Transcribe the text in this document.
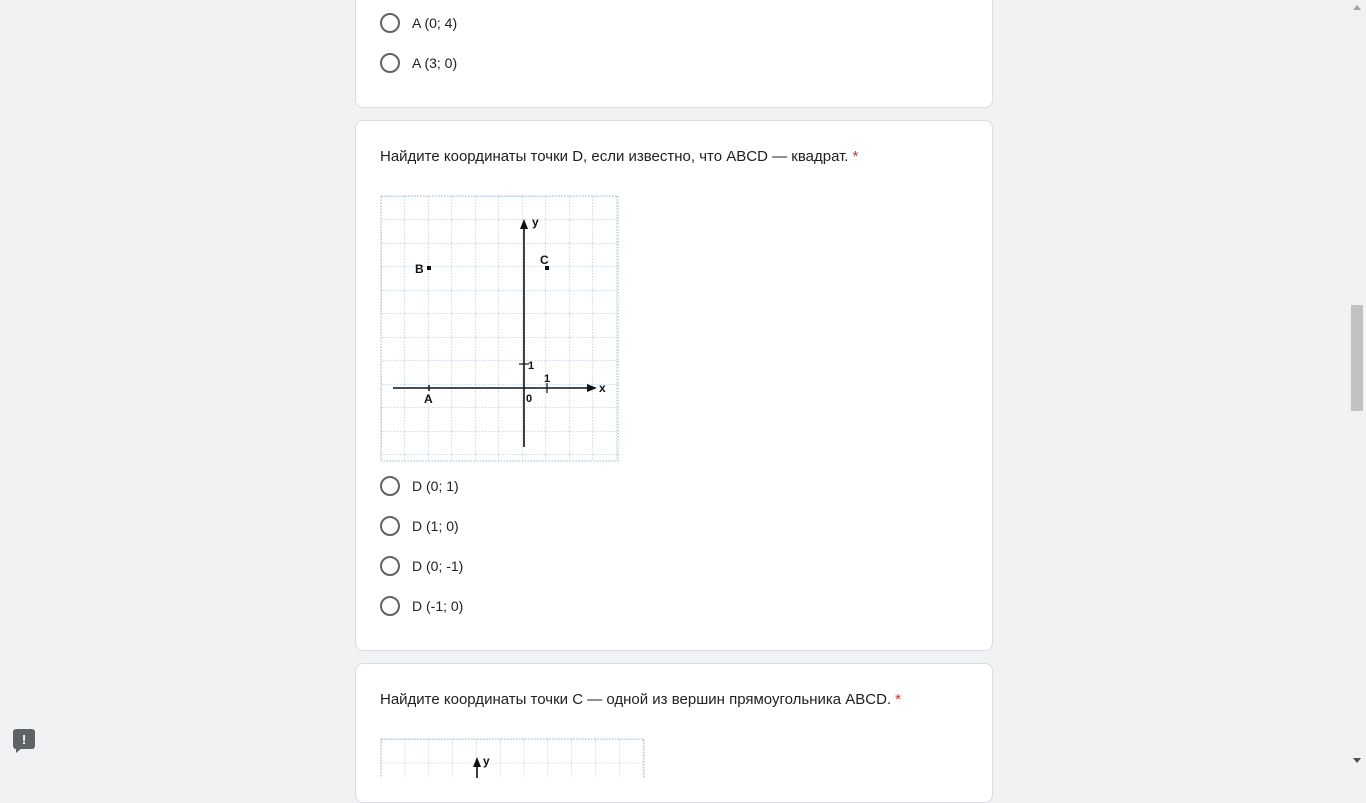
A (0; 4)
A (3; 0)

Найдите координаты точки D, если известно, что ABCD — квадрат. *

y
x
0
1
1
A
B
C
D (0; 1)
D (1; 0)
D (0; -1)
D (-1; 0)

Найдите координаты точки C — одной из вершин прямоугольника ABCD. *

y
!
